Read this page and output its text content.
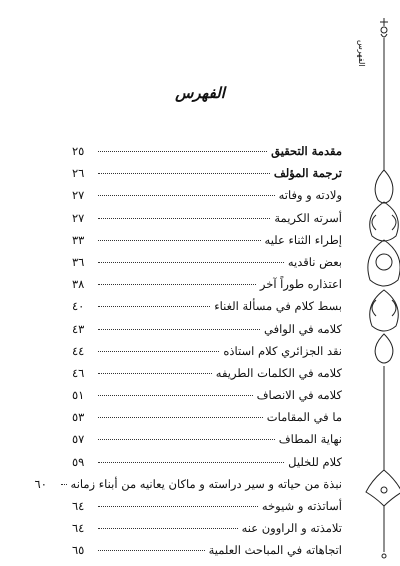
الفهرس
الفهرس
مقدمة التحقيق
٢٥
ترجمة المؤلف
٢٦
ولادته و وفاته
٢٧
أسرته الكريمة
٢٧
إطراء الثناء عليه
٣٣
بعض ناقديه
٣٦
اعتذاره طوراً آخر
٣٨
بسط كلام في مسألة الغناء
٤٠
كلامه في الوافي
٤٣
نقد الجزائري كلام استاذه
٤٤
كلامه في الكلمات الطريفه
٤٦
كلامه في الانصاف
٥١
ما في المقامات
٥٣
نهاية المطاف
٥٧
كلام للخليل
٥٩
نبذة من حياته و سير دراسته و ماكان يعانيه من أبناء زمانه
٦٠
أساتذته و شيوخه
٦٤
تلامذته و الراوون عنه
٦٤
اتجاهاته في المباحث العلمية
٦٥
